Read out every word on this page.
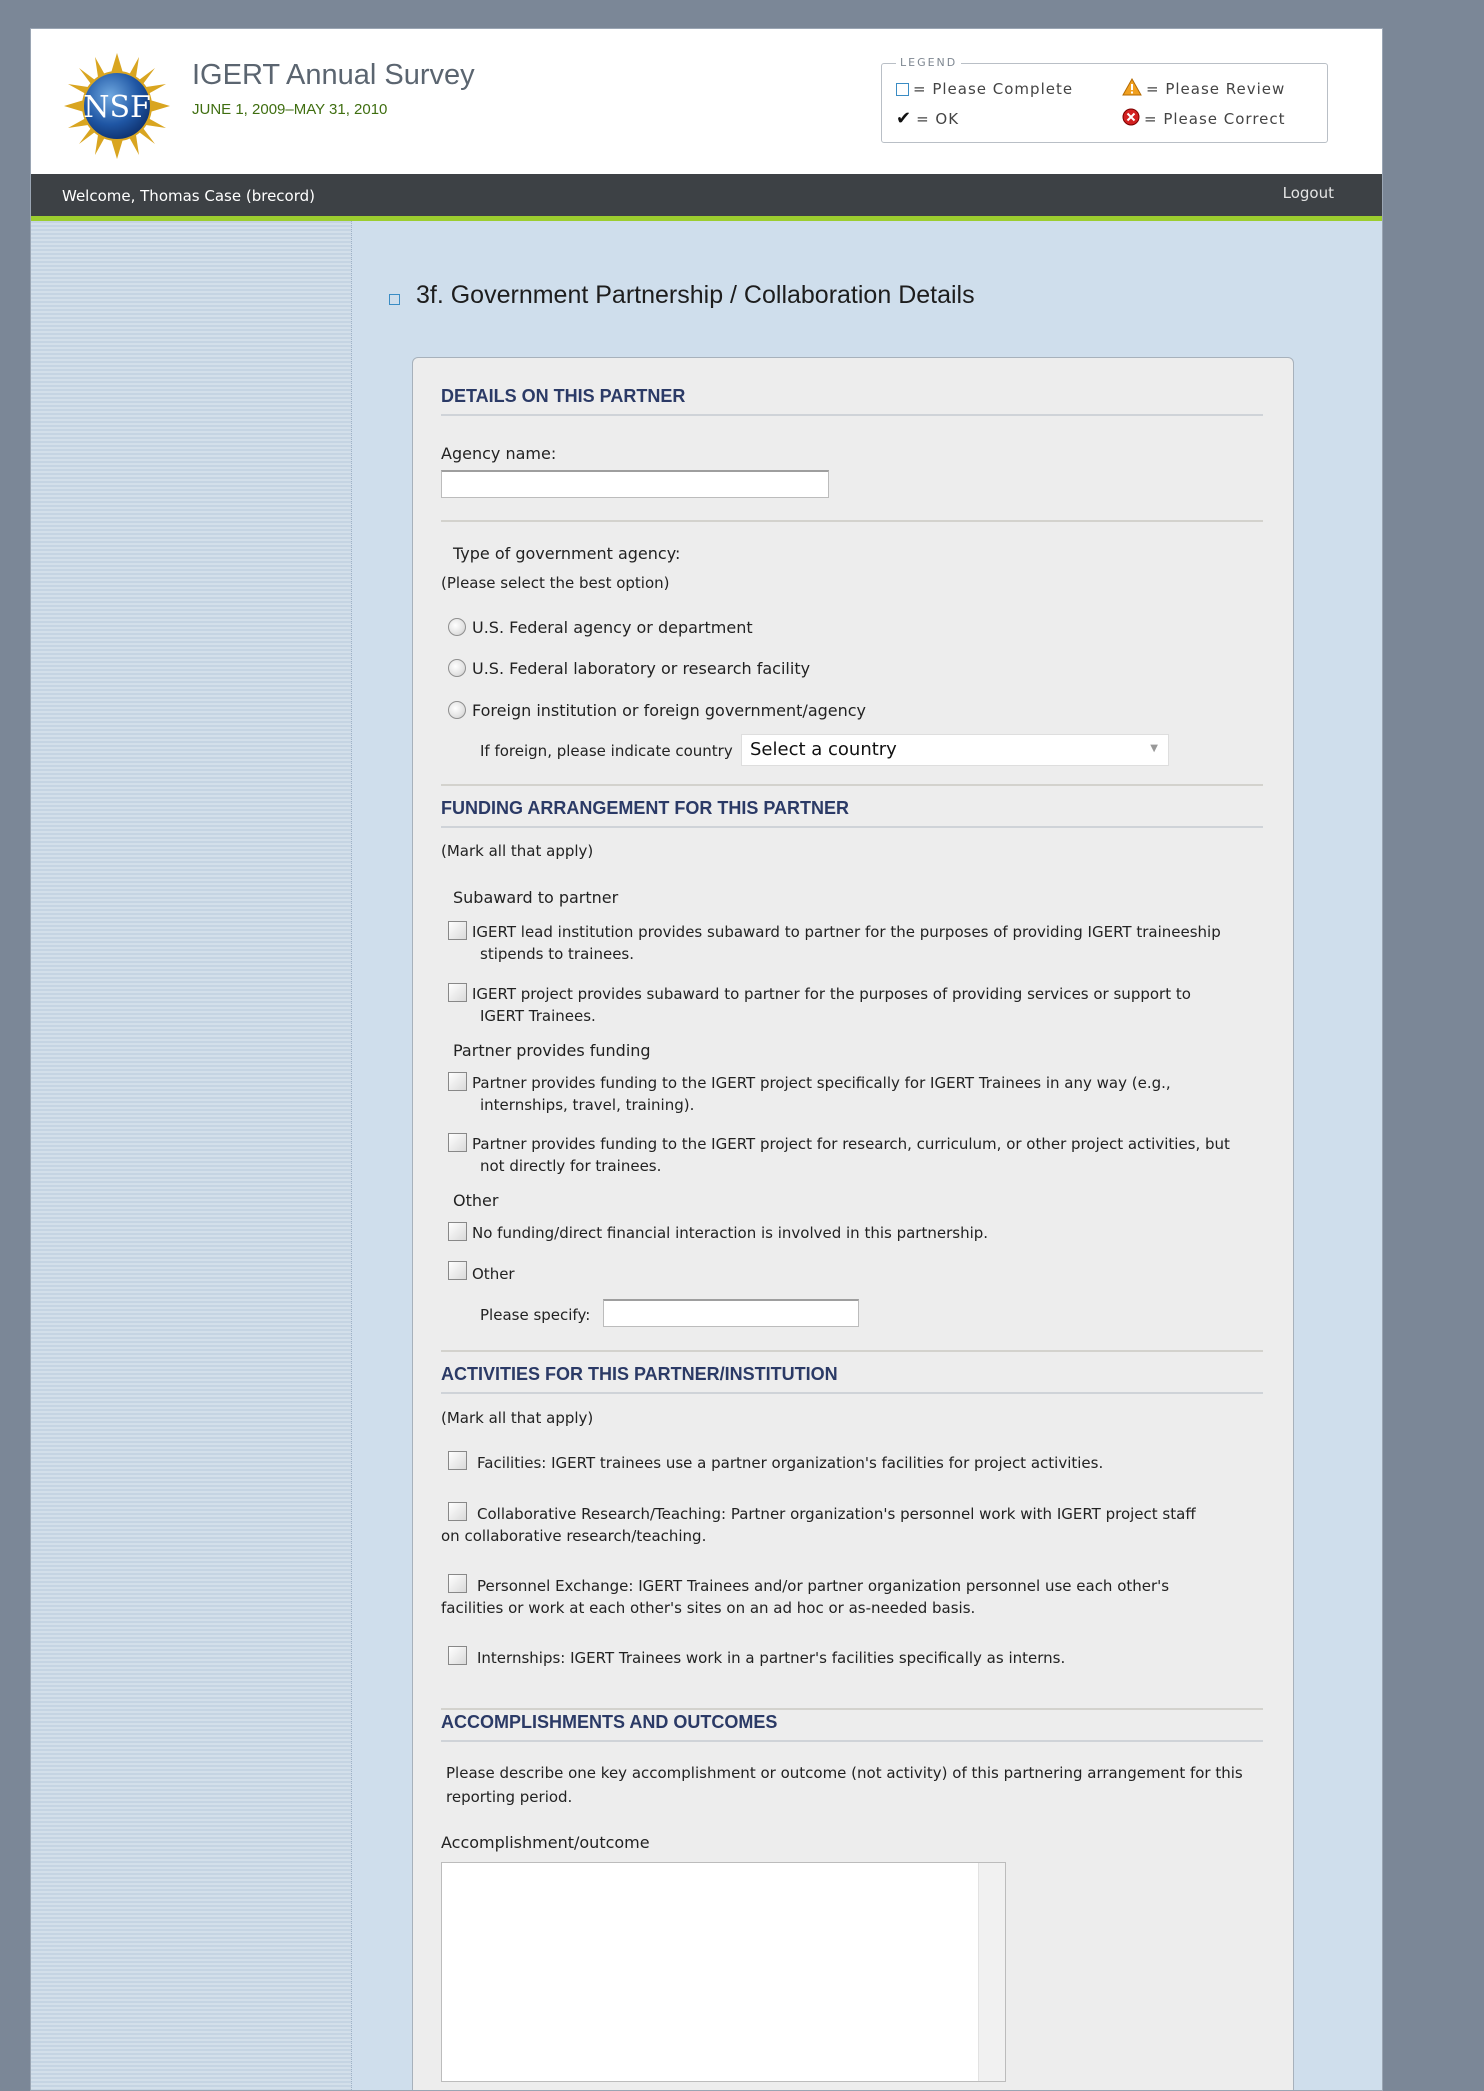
NSF
IGERT Annual Survey
JUNE 1, 2009–MAY 31, 2010
LEGEND
= Please Complete	= Please Review
✔ = OK	= Please Correct
Welcome, Thomas Case (brecord)	Logout
3f. Government Partnership / Collaboration Details
DETAILS ON THIS PARTNER
Agency name:
Type of government agency:
(Please select the best option)
U.S. Federal agency or department
U.S. Federal laboratory or research facility
Foreign institution or foreign government/agency
If foreign, please indicate country Select a country	▼
FUNDING ARRANGEMENT FOR THIS PARTNER
(Mark all that apply)
Subaward to partner
IGERT lead institution provides subaward to partner for the purposes of providing IGERT traineeship
stipends to trainees.
IGERT project provides subaward to partner for the purposes of providing services or support to
IGERT Trainees.
Partner provides funding
Partner provides funding to the IGERT project specifically for IGERT Trainees in any way (e.g.,
internships, travel, training).
Partner provides funding to the IGERT project for research, curriculum, or other project activities, but
not directly for trainees.
Other
No funding/direct financial interaction is involved in this partnership.
Other
Please specify:
ACTIVITIES FOR THIS PARTNER/INSTITUTION
(Mark all that apply)
Facilities: IGERT trainees use a partner organization's facilities for project activities.
Collaborative Research/Teaching: Partner organization's personnel work with IGERT project staff
on collaborative research/teaching.
Personnel Exchange: IGERT Trainees and/or partner organization personnel use each other's
facilities or work at each other's sites on an ad hoc or as-needed basis.
Internships: IGERT Trainees work in a partner's facilities specifically as interns.
ACCOMPLISHMENTS AND OUTCOMES
Please describe one key accomplishment or outcome (not activity) of this partnering arrangement for this
reporting period.
Accomplishment/outcome
